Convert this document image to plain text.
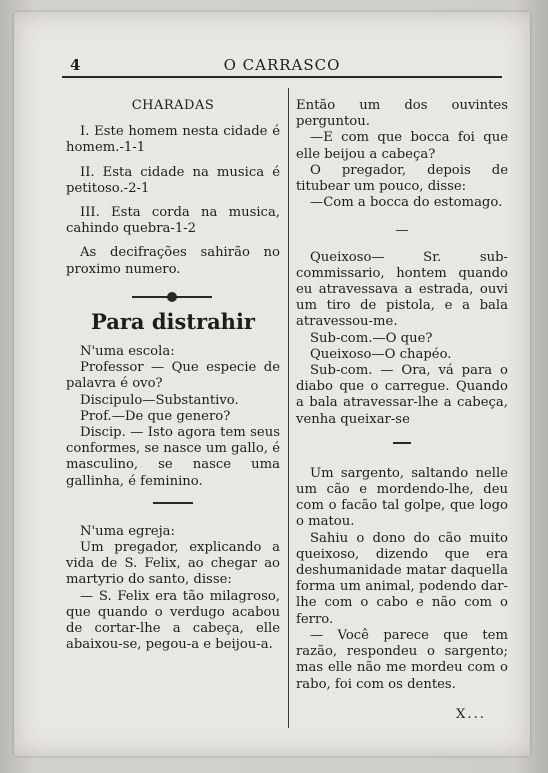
4	O CARRASCO
CHARADAS

I. Este homem nesta cidade é homem.-1-1

II. Esta cidade na musica é petitoso.-2-1

III. Esta corda na musica, cahindo quebra-1-2

As decifrações sahirão no proximo numero.

Para distrahir

N'uma escola:

Professor — Que especie de palavra é ovo?

Discipulo—Substantivo.

Prof.—De que genero?

Discip. — Isto agora tem seus conformes, se nasce um gallo, é masculino, se nasce uma gallinha, é feminino.

N'uma egreja:

Um pregador, explicando a vida de S. Felix, ao chegar ao martyrio do santo, disse:

— S. Felix era tão milagroso, que quando o verdugo acabou de cortar-lhe a cabeça, elle abaixou-se, pegou-a e beijou-a.

Então um dos ouvintes perguntou.

—E com que bocca foi que elle beijou a cabeça?

O pregador, depois de titubear um pouco, disse:

—Com a bocca do estomago.

—

Queixoso— Sr. sub-commissario, hontem quando eu atravessava a estrada, ouvi um tiro de pistola, e a bala atravessou-me.

Sub-com.—O que?

Queixoso—O chapéo.

Sub-com. — Ora, vá para o diabo que o carregue. Quando a bala atravessar-lhe a cabeça, venha queixar-se

Um sargento, saltando nelle um cão e mordendo-lhe, deu com o facão tal golpe, que logo o matou.

Sahiu o dono do cão muito queixoso, dizendo que era deshumanidade matar daquella forma um animal, podendo dar-lhe com o cabo e não com o ferro.

— Você parece que tem razão, respondeu o sargento; mas elle não me mordeu com o rabo, foi com os dentes.

X...
